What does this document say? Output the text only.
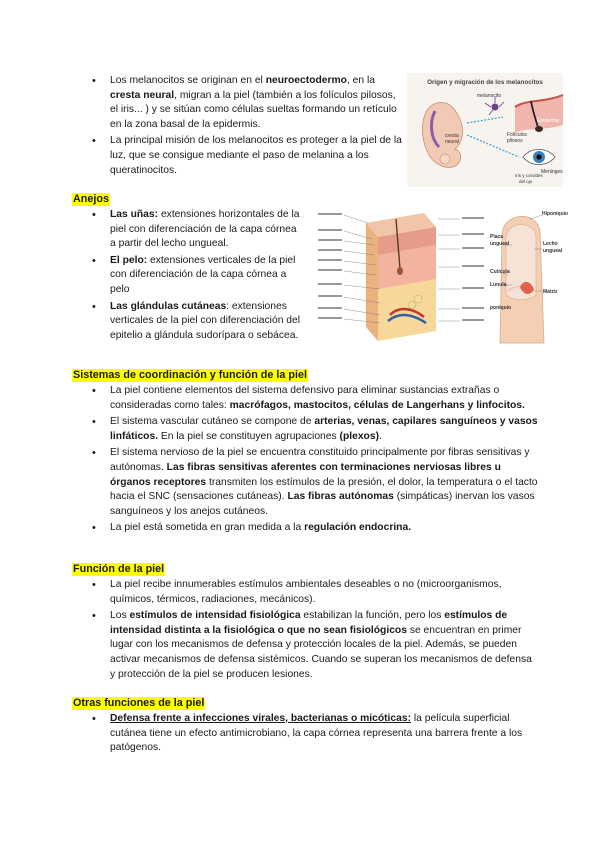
• Los melanocitos se originan en el neuroectodermo, en la cresta neural, migran a la piel (también a los folículos pilosos, el iris... ) y se sitúan como células sueltas formando un retículo en la zona basal de la epidermis.
• La principal misión de los melanocitos es proteger a la piel de la luz, que se consigue mediante el paso de melanina a los queratinocitos.
Origen y migración de los melanocitos
cresta
neural
melanocito
Epidermis
Folículos
pilosos
Meninges
Iris y coroides
del ojo
Anejos
• Las uñas: extensiones horizontales de la piel con diferenciación de la capa córnea a partir del lecho ungueal.
• El pelo: extensiones verticales de la piel con diferenciación de la capa córnea a pelo
• Las glándulas cutáneas: extensiones verticales de la piel con diferenciación del epitelio a glándula sudorípara o sebácea.
Hiponiquio
Placa
ungueal	Lecho
ungueal
Cutícula
Lúnula
Matriz
poniquio
Sistemas de coordinación y función de la piel
• La piel contiene elementos del sistema defensivo para eliminar sustancias extrañas o consideradas como tales: macrófagos, mastocitos, células de Langerhans y linfocitos.
• El sistema vascular cutáneo se compone de arterias, venas, capilares sanguíneos y vasos linfáticos. En la piel se constituyen agrupaciones (plexos).
• El sistema nervioso de la piel se encuentra constituido principalmente por fibras sensitivas y autónomas. Las fibras sensitivas aferentes con terminaciones nerviosas libres u órganos receptores transmiten los estímulos de la presión, el dolor, la temperatura o el tacto hacia el SNC (sensaciones cutáneas). Las fibras autónomas (simpáticas) inervan los vasos sanguíneos y los anejos cutáneos.
• La piel está sometida en gran medida a la regulación endocrina.
Función de la piel
• La piel recibe innumerables estímulos ambientales deseables o no (microorganismos, químicos, térmicos, radiaciones, mecánicos).
• Los estímulos de intensidad fisiológica estabilizan la función, pero los estímulos de intensidad distinta a la fisiológica o que no sean fisiológicos se encuentran en primer lugar con los mecanismos de defensa y protección locales de la piel. Además, se pueden activar mecanismos de defensa sistémicos. Cuando se superan los mecanismos de defensa y protección de la piel se producen lesiones.
Otras funciones de la piel
• Defensa frente a infecciones virales, bacterianas o micóticas: la película superficial cutánea tiene un efecto antimicrobiano, la capa córnea representa una barrera frente a los patógenos.
